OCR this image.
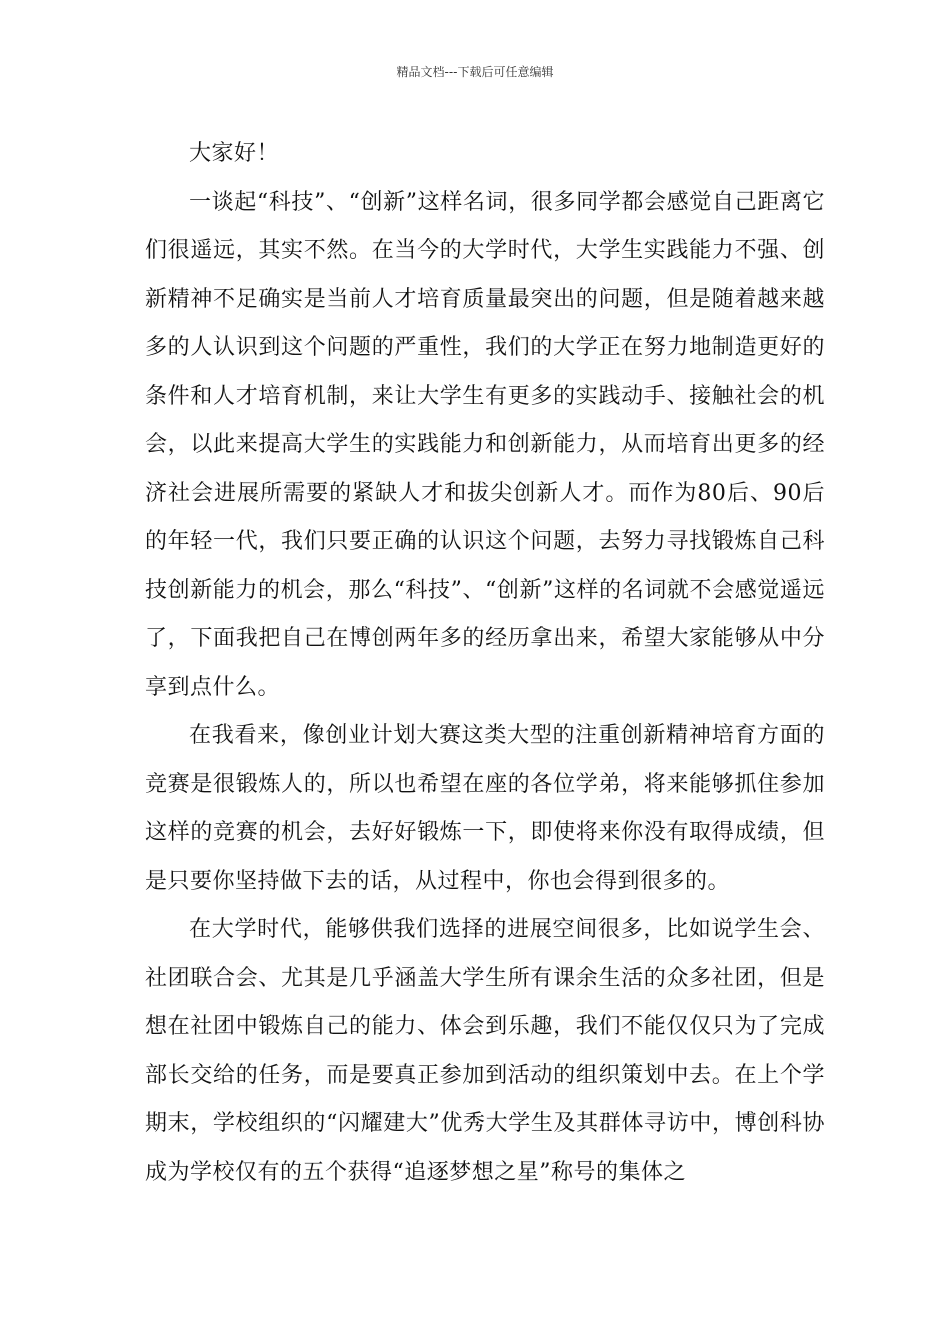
精品文档---下载后可任意编辑

大家好！

一谈起“科技”、“创新”这样名词，很多同学都会感觉自己距离它们很遥远，其实不然。在当今的大学时代，大学生实践能力不强、创新精神不足确实是当前人才培育质量最突出的问题，但是随着越来越多的人认识到这个问题的严重性，我们的大学正在努力地制造更好的条件和人才培育机制，来让大学生有更多的实践动手、接触社会的机会，以此来提高大学生的实践能力和创新能力，从而培育出更多的经济社会进展所需要的紧缺人才和拔尖创新人才。而作为80后、90后的年轻一代，我们只要正确的认识这个问题，去努力寻找锻炼自己科技创新能力的机会，那么“科技”、“创新”这样的名词就不会感觉遥远了，下面我把自己在博创两年多的经历拿出来，希望大家能够从中分享到点什么。

在我看来，像创业计划大赛这类大型的注重创新精神培育方面的竞赛是很锻炼人的，所以也希望在座的各位学弟，将来能够抓住参加这样的竞赛的机会，去好好锻炼一下，即使将来你没有取得成绩，但是只要你坚持做下去的话，从过程中，你也会得到很多的。

在大学时代，能够供我们选择的进展空间很多，比如说学生会、社团联合会、尤其是几乎涵盖大学生所有课余生活的众多社团，但是想在社团中锻炼自己的能力、体会到乐趣，我们不能仅仅只为了完成部长交给的任务，而是要真正参加到活动的组织策划中去。在上个学期末，学校组织的“闪耀建大”优秀大学生及其群体寻访中，博创科协成为学校仅有的五个获得“追逐梦想之星”称号的集体之
